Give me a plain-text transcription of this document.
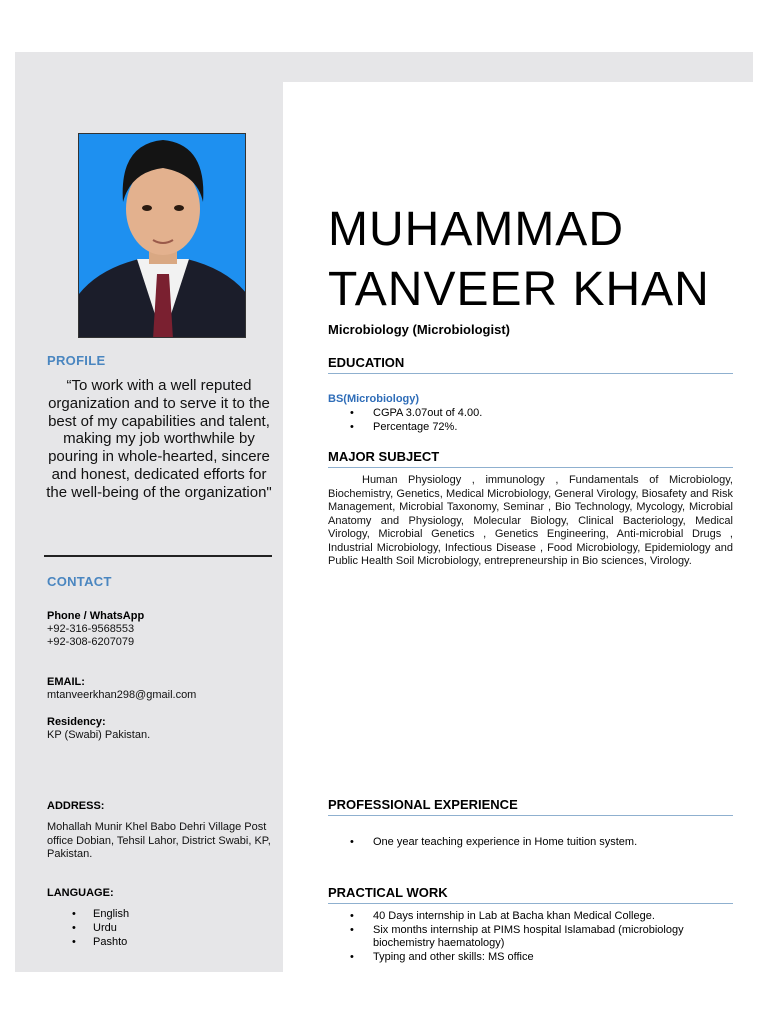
PROFILE
“To work with a well reputed organization and to serve it to the best of my capabilities and talent, making my job worthwhile by pouring in whole-hearted, sincere and honest, dedicated efforts for the well-being of the organization"
CONTACT
Phone / WhatsApp
+92-316-9568553
+92-308-6207079
EMAIL:
mtanveerkhan298@gmail.com
Residency:
KP (Swabi) Pakistan.
ADDRESS:
Mohallah Munir Khel Babo Dehri Village Post office Dobian, Tehsil Lahor, District Swabi, KP, Pakistan.
LANGUAGE:
• English
• Urdu
• Pashto
MUHAMMAD
TANVEER KHAN
Microbiology (Microbiologist)
EDUCATION
BS(Microbiology)
• CGPA 3.07out of 4.00.
• Percentage 72%.
MAJOR SUBJECT
Human Physiology , immunology , Fundamentals of Microbiology, Biochemistry, Genetics, Medical Microbiology, General Virology, Biosafety and Risk Management, Microbial Taxonomy, Seminar , Bio Technology, Mycology, Microbial Anatomy and Physiology, Molecular Biology, Clinical Bacteriology, Medical Virology, Microbial Genetics , Genetics Engineering, Anti-microbial Drugs , Industrial Microbiology, Infectious Disease , Food Microbiology, Epidemiology and Public Health Soil Microbiology, entrepreneurship in Bio sciences, Virology.
PROFESSIONAL EXPERIENCE
• One year teaching experience in Home tuition system.
PRACTICAL WORK
• 40 Days internship in Lab at Bacha khan Medical College.
• Six months internship at PIMS hospital Islamabad (microbiology biochemistry haematology)
• Typing and other skills: MS office
